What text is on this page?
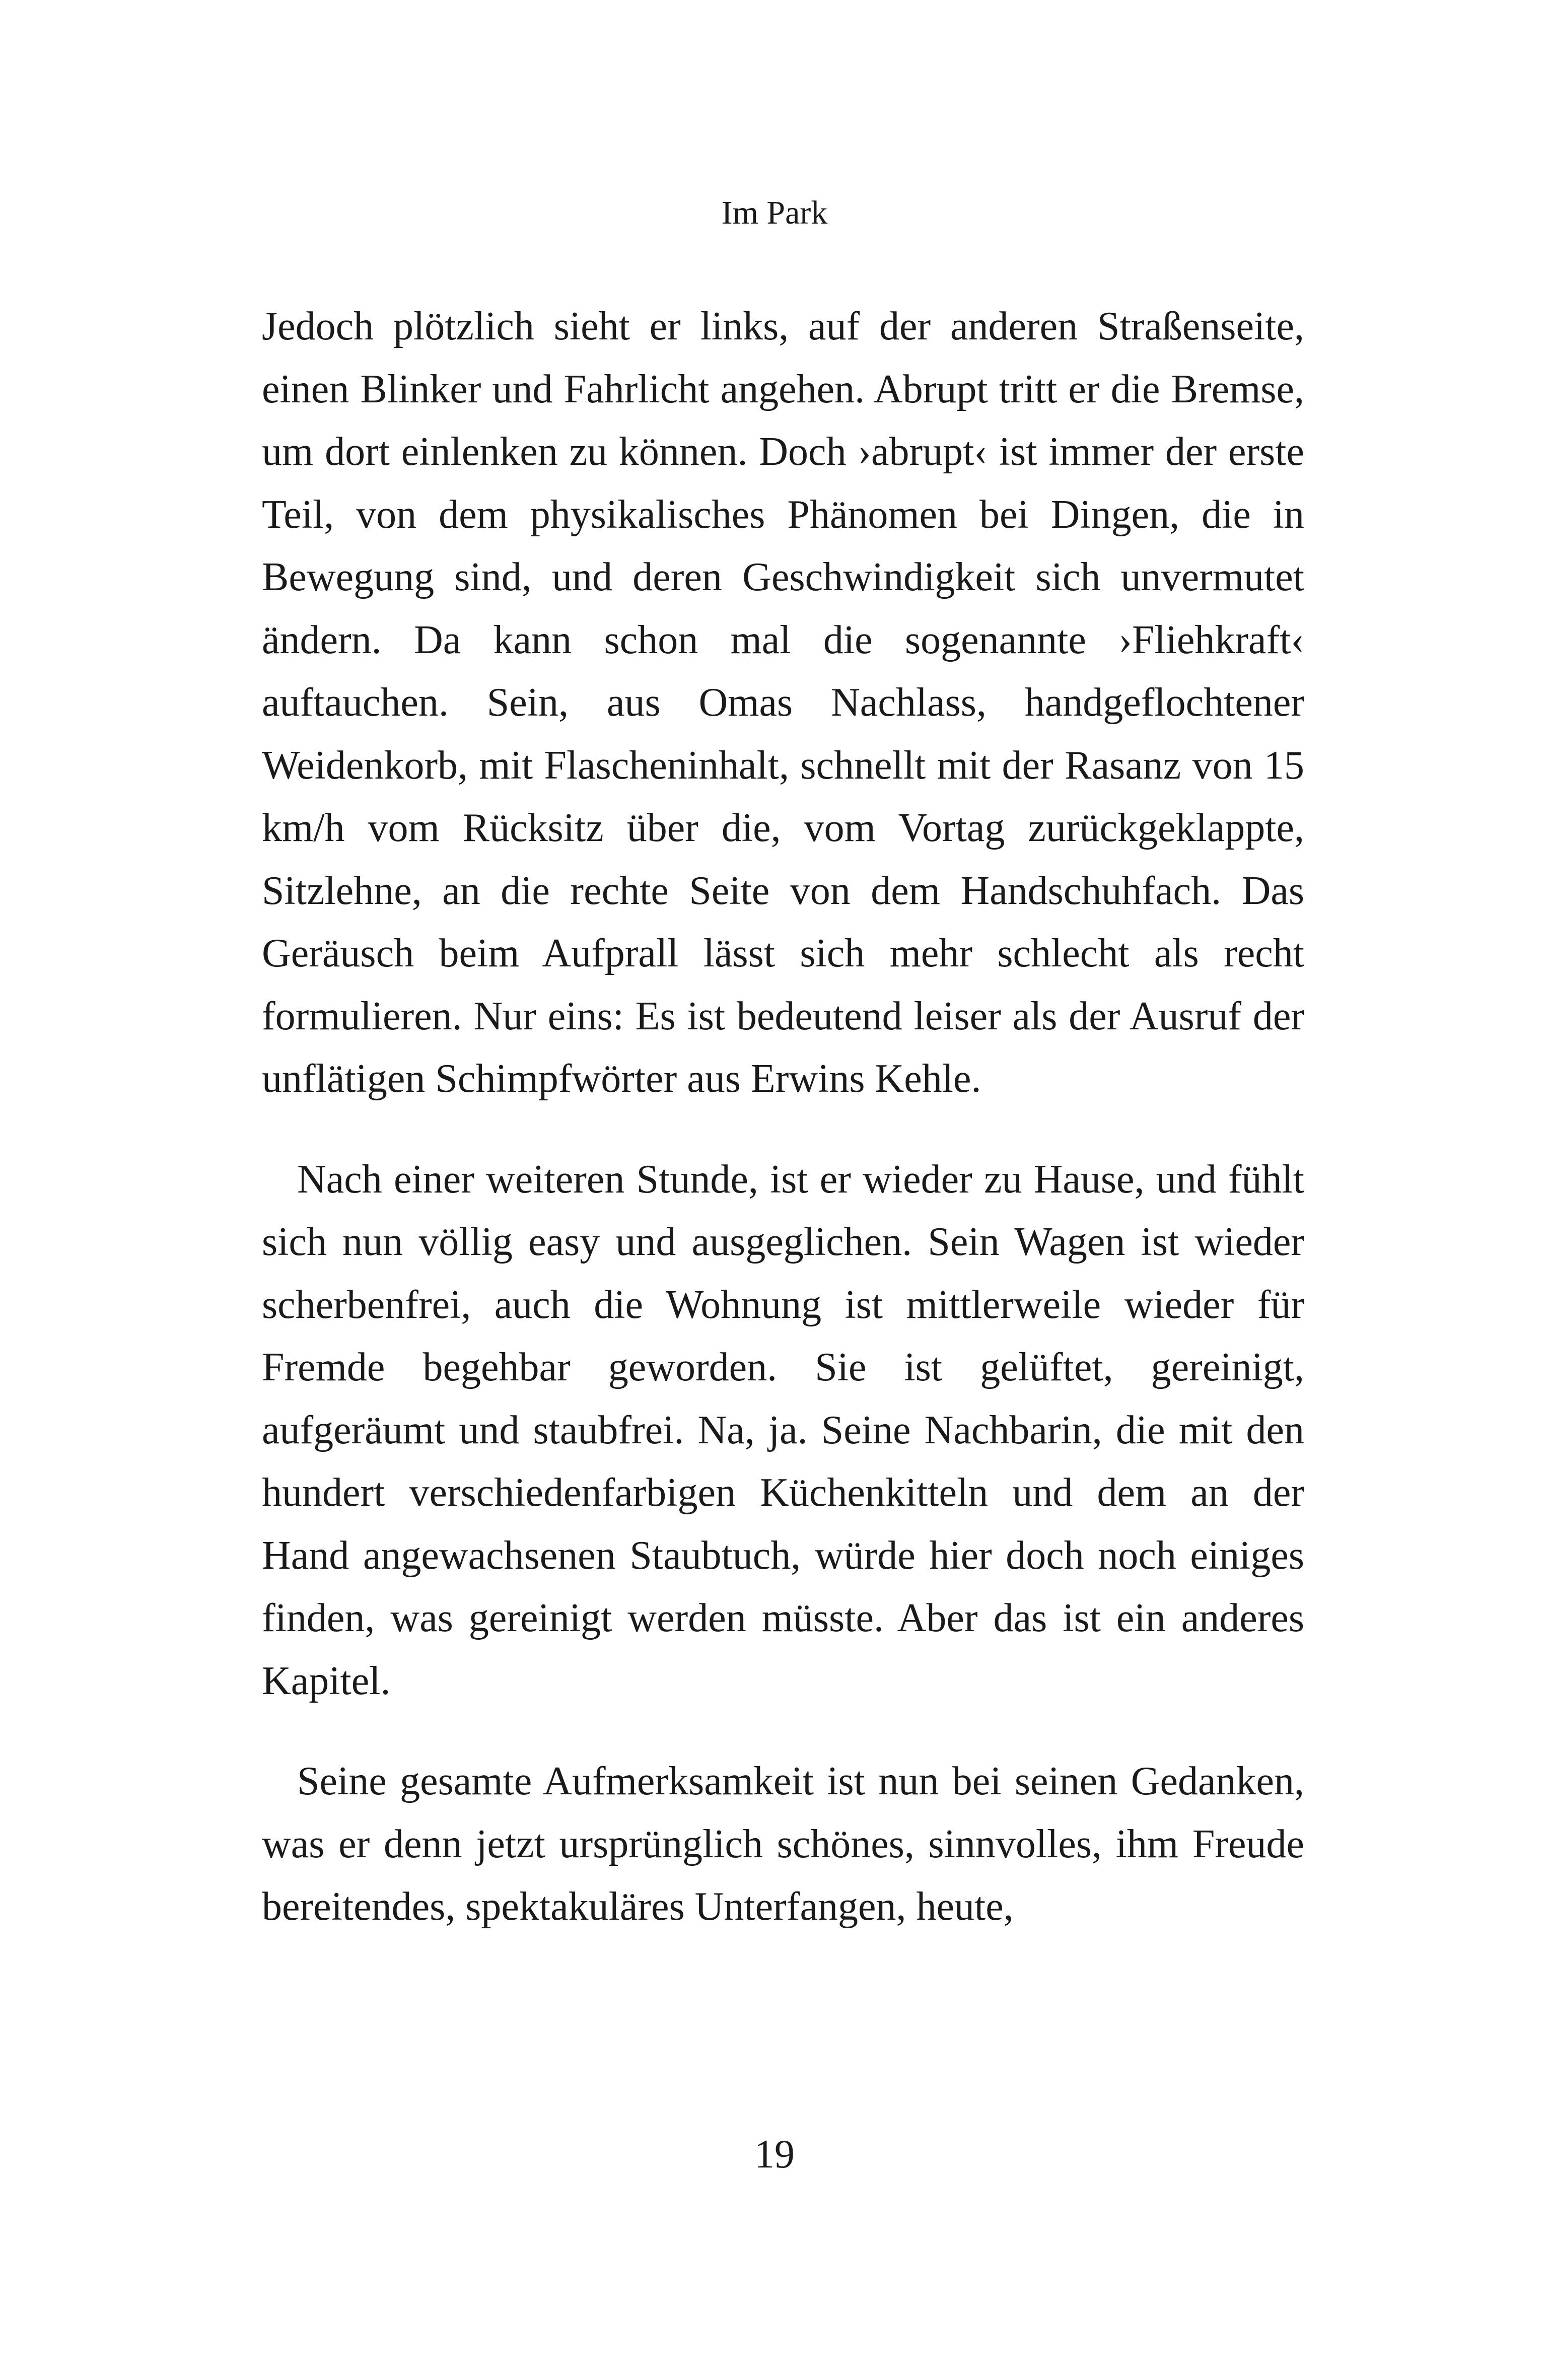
Im Park

Jedoch plötzlich sieht er links, auf der anderen Straßenseite, einen Blinker und Fahrlicht angehen. Abrupt tritt er die Bremse, um dort einlenken zu können. Doch ›abrupt‹ ist immer der erste Teil, von dem physikalisches Phänomen bei Dingen, die in Bewegung sind, und deren Geschwindigkeit sich unvermutet ändern. Da kann schon mal die sogenannte ›Fliehkraft‹ auftauchen. Sein, aus Omas Nachlass, handgeflochtener Weidenkorb, mit Flascheninhalt, schnellt mit der Rasanz von 15 km/h vom Rücksitz über die, vom Vortag zurückgeklappte, Sitzlehne, an die rechte Seite von dem Handschuhfach. Das Geräusch beim Aufprall lässt sich mehr schlecht als recht formulieren. Nur eins: Es ist bedeutend leiser als der Ausruf der unflätigen Schimpfwörter aus Erwins Kehle.

Nach einer weiteren Stunde, ist er wieder zu Hause, und fühlt sich nun völlig easy und ausgeglichen. Sein Wagen ist wieder scherbenfrei, auch die Wohnung ist mittlerweile wieder für Fremde begehbar geworden. Sie ist gelüftet, gereinigt, aufgeräumt und staubfrei. Na, ja. Seine Nachbarin, die mit den hundert verschiedenfarbigen Küchenkitteln und dem an der Hand angewachsenen Staubtuch, würde hier doch noch einiges finden, was gereinigt werden müsste. Aber das ist ein anderes Kapitel.

Seine gesamte Aufmerksamkeit ist nun bei seinen Gedanken, was er denn jetzt ursprünglich schönes, sinnvolles, ihm Freude bereitendes, spektakuläres Unterfangen, heute,

19
